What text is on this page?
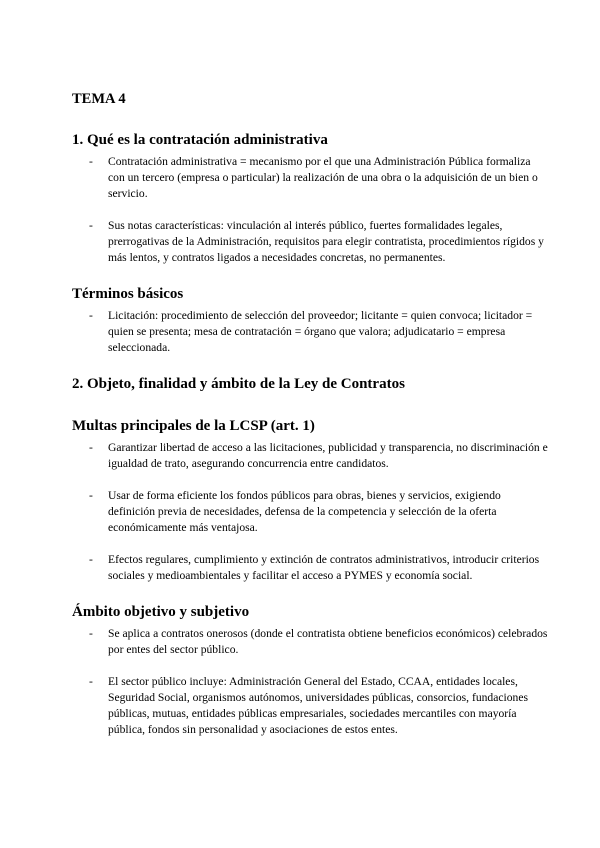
TEMA 4
1. Qué es la contratación administrativa
- Contratación administrativa = mecanismo por el que una Administración Pública formaliza con un tercero (empresa o particular) la realización de una obra o la adquisición de un bien o servicio.
- Sus notas características: vinculación al interés público, fuertes formalidades legales, prerrogativas de la Administración, requisitos para elegir contratista, procedimientos rígidos y más lentos, y contratos ligados a necesidades concretas, no permanentes.
Términos básicos
- Licitación: procedimiento de selección del proveedor; licitante = quien convoca; licitador = quien se presenta; mesa de contratación = órgano que valora; adjudicatario = empresa seleccionada.
2. Objeto, finalidad y ámbito de la Ley de Contratos
Multas principales de la LCSP (art. 1)
- Garantizar libertad de acceso a las licitaciones, publicidad y transparencia, no discriminación e igualdad de trato, asegurando concurrencia entre candidatos.
- Usar de forma eficiente los fondos públicos para obras, bienes y servicios, exigiendo definición previa de necesidades, defensa de la competencia y selección de la oferta económicamente más ventajosa.
- Efectos regulares, cumplimiento y extinción de contratos administrativos, introducir criterios sociales y medioambientales y facilitar el acceso a PYMES y economía social.
Ámbito objetivo y subjetivo
- Se aplica a contratos onerosos (donde el contratista obtiene beneficios económicos) celebrados por entes del sector público.
- El sector público incluye: Administración General del Estado, CCAA, entidades locales, Seguridad Social, organismos autónomos, universidades públicas, consorcios, fundaciones públicas, mutuas, entidades públicas empresariales, sociedades mercantiles con mayoría pública, fondos sin personalidad y asociaciones de estos entes.
